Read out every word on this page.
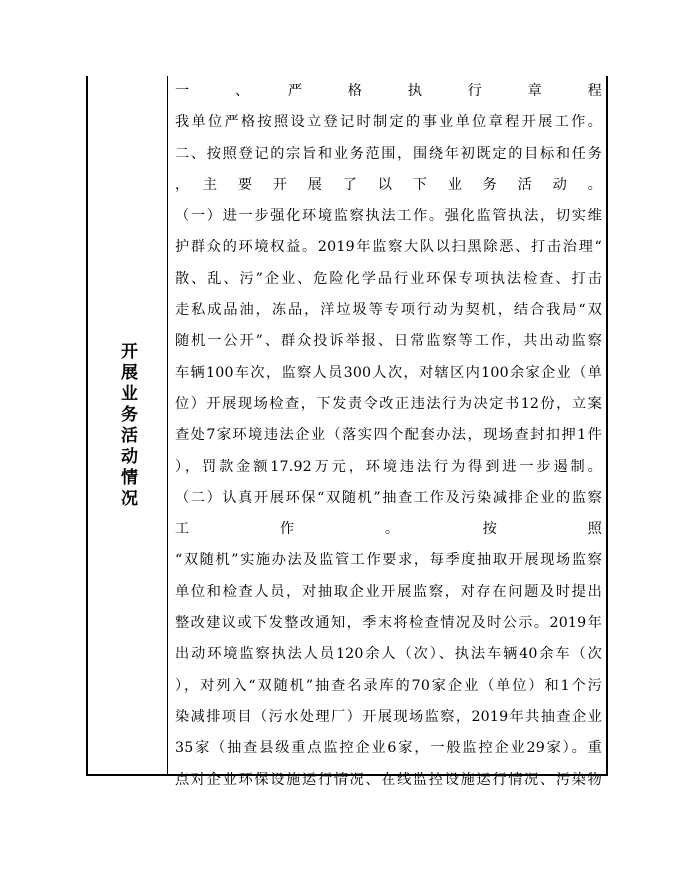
开展业务活动情况
一　　、　　严　　格　　执　　行　　章　　程
我单位严格按照设立登记时制定的事业单位章程开展工作。
二、按照登记的宗旨和业务范围，围绕年初既定的目标和任务
，　主　要　开　展　了　以　下　业　务　活　动　。
（一）进一步强化环境监察执法工作。强化监管执法，切实维
护群众的环境权益。2019年监察大队以扫黑除恶、打击治理“
散、乱、污”企业、危险化学品行业环保专项执法检查、打击
走私成品油，冻品，洋垃圾等专项行动为契机，结合我局“双
随机一公开”、群众投诉举报、日常监察等工作，共出动监察
车辆100车次，监察人员300人次，对辖区内100余家企业（单
位）开展现场检查，下发责令改正违法行为决定书12份，立案
查处7家环境违法企业（落实四个配套办法，现场查封扣押1件
），罚款金额17.92万元，环境违法行为得到进一步遏制。
（二）认真开展环保“双随机”抽查工作及污染减排企业的监察
工　　　　作　　　　。　　　　按　　　　照
“双随机”实施办法及监管工作要求，每季度抽取开展现场监察
单位和检查人员，对抽取企业开展监察，对存在问题及时提出
整改建议或下发整改通知，季末将检查情况及时公示。2019年
出动环境监察执法人员120余人（次）、执法车辆40余车（次
），对列入“双随机”抽查名录库的70家企业（单位）和1个污
染减排项目（污水处理厂）开展现场监察，2019年共抽查企业
35家（抽查县级重点监控企业6家，一般监控企业29家）。重
点对企业环保设施运行情况、在线监控设施运行情况、污染物
